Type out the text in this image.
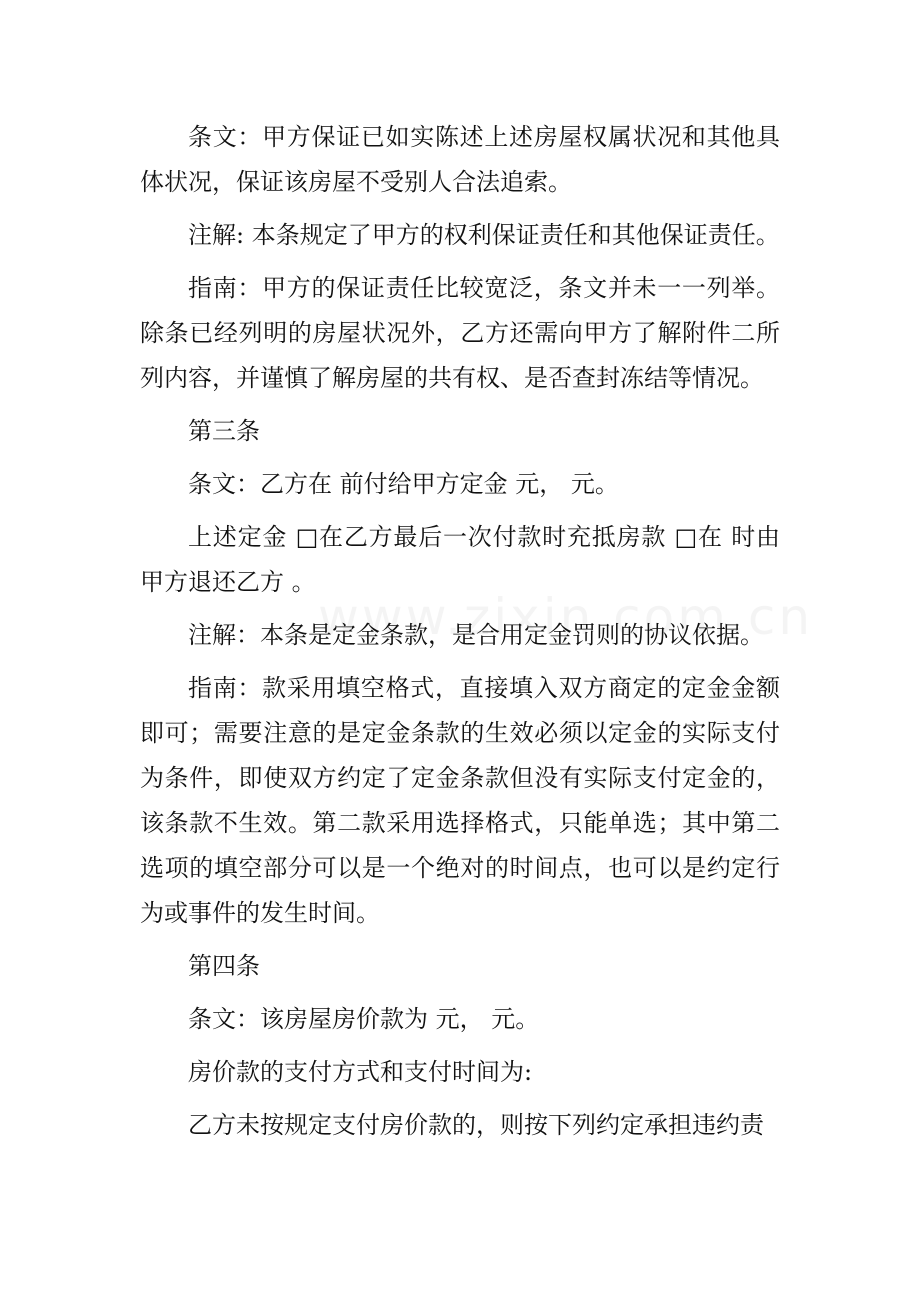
条文：甲方保证已如实陈述上述房屋权属状况和其他具体状况，保证该房屋不受别人合法追索。

注解: 本条规定了甲方的权利保证责任和其他保证责任。

指南：甲方的保证责任比较宽泛，条文并未一一列举。除条已经列明的房屋状况外，乙方还需向甲方了解附件二所列内容，并谨慎了解房屋的共有权、是否查封冻结等情况。

第三条

条文：乙方在 前付给甲方定金 元， 元。

上述定金 □在乙方最后一次付款时充抵房款 □在 时由甲方退还乙方 。

注解：本条是定金条款，是合用定金罚则的协议依据。

指南：款采用填空格式，直接填入双方商定的定金金额即可；需要注意的是定金条款的生效必须以定金的实际支付为条件，即使双方约定了定金条款但没有实际支付定金的，该条款不生效。第二款采用选择格式，只能单选；其中第二选项的填空部分可以是一个绝对的时间点，也可以是约定行为或事件的发生时间。

第四条

条文：该房屋房价款为 元， 元。

房价款的支付方式和支付时间为:

乙方未按规定支付房价款的，则按下列约定承担违约责
